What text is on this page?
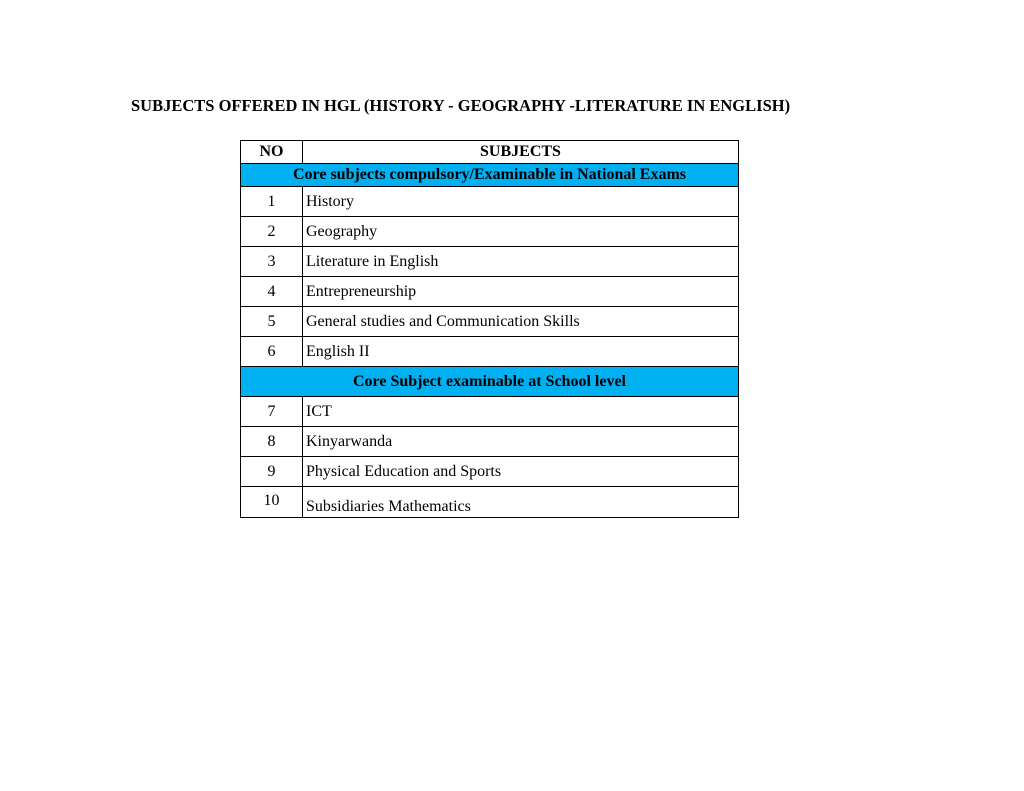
SUBJECTS OFFERED IN HGL (HISTORY - GEOGRAPHY -LITERATURE IN ENGLISH)
NO	SUBJECTS
Core subjects compulsory/Examinable in National Exams	
1	History
2	Geography
3	Literature in English
4	Entrepreneurship
5	General studies and Communication Skills
6	English II
Core Subject examinable at School level	
7	ICT
8	Kinyarwanda
9	Physical Education and Sports
10	Subsidiaries Mathematics
